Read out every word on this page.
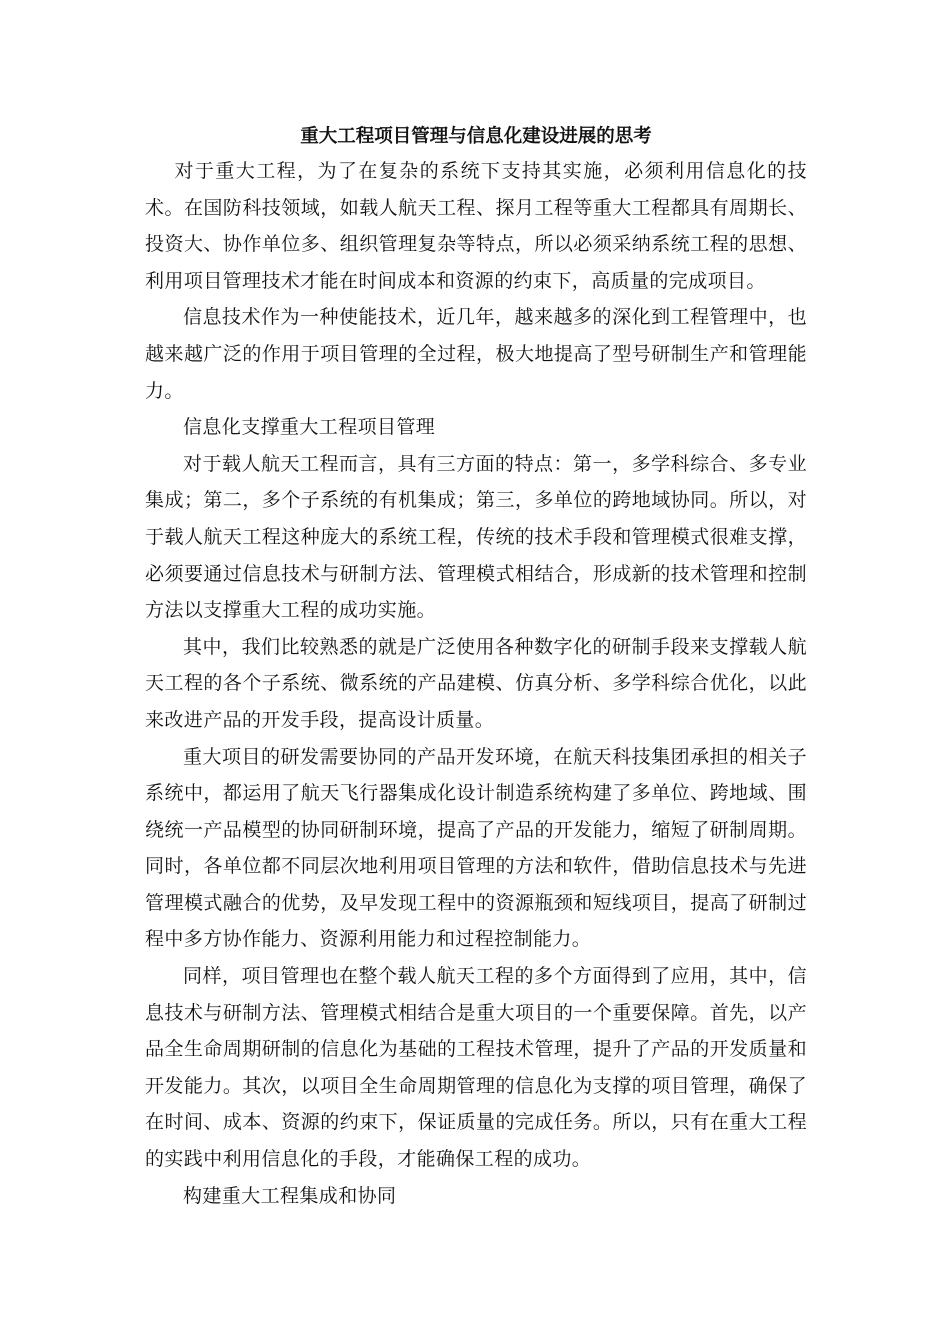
重大工程项目管理与信息化建设进展的思考

对于重大工程，为了在复杂的系统下支持其实施，必须利用信息化的技术。在国防科技领域，如载人航天工程、探月工程等重大工程都具有周期长、投资大、协作单位多、组织管理复杂等特点，所以必须采纳系统工程的思想、利用项目管理技术才能在时间成本和资源的约束下，高质量的完成项目。

信息技术作为一种使能技术，近几年，越来越多的深化到工程管理中，也越来越广泛的作用于项目管理的全过程，极大地提高了型号研制生产和管理能力。

信息化支撑重大工程项目管理

对于载人航天工程而言，具有三方面的特点：第一，多学科综合、多专业集成；第二，多个子系统的有机集成；第三，多单位的跨地域协同。所以，对于载人航天工程这种庞大的系统工程，传统的技术手段和管理模式很难支撑，必须要通过信息技术与研制方法、管理模式相结合，形成新的技术管理和控制方法以支撑重大工程的成功实施。

其中，我们比较熟悉的就是广泛使用各种数字化的研制手段来支撑载人航天工程的各个子系统、微系统的产品建模、仿真分析、多学科综合优化，以此来改进产品的开发手段，提高设计质量。

重大项目的研发需要协同的产品开发环境，在航天科技集团承担的相关子系统中，都运用了航天飞行器集成化设计制造系统构建了多单位、跨地域、围绕统一产品模型的协同研制环境，提高了产品的开发能力，缩短了研制周期。同时，各单位都不同层次地利用项目管理的方法和软件，借助信息技术与先进管理模式融合的优势，及早发现工程中的资源瓶颈和短线项目，提高了研制过程中多方协作能力、资源利用能力和过程控制能力。

同样，项目管理也在整个载人航天工程的多个方面得到了应用，其中，信息技术与研制方法、管理模式相结合是重大项目的一个重要保障。首先，以产品全生命周期研制的信息化为基础的工程技术管理，提升了产品的开发质量和开发能力。其次，以项目全生命周期管理的信息化为支撑的项目管理，确保了在时间、成本、资源的约束下，保证质量的完成任务。所以，只有在重大工程的实践中利用信息化的手段，才能确保工程的成功。

构建重大工程集成和协同
